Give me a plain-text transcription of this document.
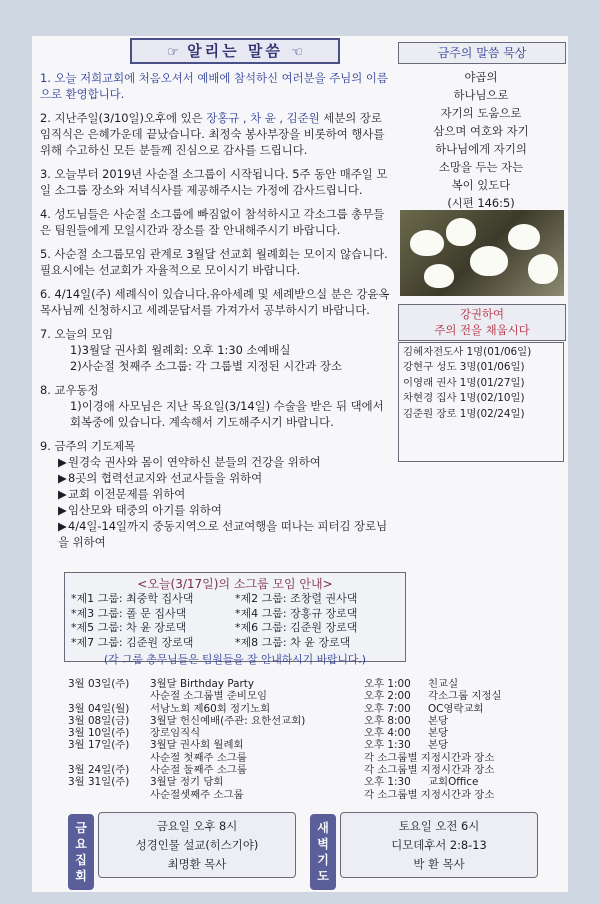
☞ 알리는 말씀 ☜
1. 오늘 저희교회에 처음오셔서 예배에 참석하신 여러분을 주님의 이름으로 환영합니다.
2. 지난주일(3/10일)오후에 있은 장홍규 , 차 윤 , 김준원 세분의 장로임직식은 은혜가운데 끝났습니다. 최정숙 봉사부장을 비롯하여 행사를 위해 수고하신 모든 분들께 진심으로 감사를 드립니다.
3. 오늘부터 2019년 사순절 소그룹이 시작됩니다. 5주 동안 매주일 모일 소그룹 장소와 저녁식사를 제공해주시는 가정에 감사드립니다.
4. 성도님들은 사순절 소그룹에 빠짐없이 참석하시고 각소그룹 총무들은 팀원들에게 모일시간과 장소를 잘 안내해주시기 바랍니다.
5. 사순절 소그룹모임 관계로 3월달 선교회 월례회는 모이지 않습니다. 필요시에는 선교회가 자율적으로 모이시기 바랍니다.
6. 4/14일(주) 세례식이 있습니다.유아세례 및 세례받으실 분은 강윤옥 목사님께 신청하시고 세례문답서를 가져가서 공부하시기 바랍니다.
7. 오늘의 모임
1)3월달 권사회 월례회: 오후 1:30 소예배실
2)사순절 첫째주 소그룹: 각 그룹별 지정된 시간과 장소
8. 교우동정
1)이경애 사모님은 지난 목요일(3/14일) 수술을 받은 뒤 댁에서 회복중에 있습니다. 계속해서 기도해주시기 바랍니다.
9. 금주의 기도제목
▶원경숙 권사와 몸이 연약하신 분들의 건강을 위하여
▶8곳의 협력선교지와 선교사들을 위하여
▶교회 이전문제를 위하여
▶임산모와 태중의 아기를 위하여
▶4/4일-14일까지 중동지역으로 선교여행을 떠나는 피터김 장로님을 위하여
금주의 말씀 묵상
야곱의
하나님으로
자기의 도움으로
삼으며 여호와 자기
하나님에게 자기의
소망을 두는 자는
복이 있도다
(시편 146:5)
강권하여
주의 전을 채웁시다
김혜자전도사 1명(01/06일)
강현구 성도 3명(01/06일)
이영래 권사 1명(01/27일)
차현경 집사 1명(02/10일)
김준원 장로 1명(02/24일)
<오늘(3/17일)의 소그룹 모임 안내>
*제1 그룹: 최중학 집사댁	*제2 그룹: 조창렬 권사댁
*제3 그룹: 폴 문 집사댁	*제4 그룹: 장홍규 장로댁
*제5 그룹: 차 윤 장로댁	*제6 그룹: 김준원 장로댁
*제7 그룹: 김준원 장로댁	*제8 그룹: 차 윤 장로댁
(각 그룹 총무님들은 팀원들을 잘 안내하시기 바랍니다.)
3월 03일(주)	3월달 Birthday Party	오후 1:00	친교실
사순절 소그룹별 준비모임	오후 2:00	각소그룹 지정실
3월 04일(월)	서남노회 제60회 정기노회	오후 7:00	OC영락교회
3월 08일(금)	3월달 헌신예배(주관: 요한선교회)	오후 8:00	본당
3월 10일(주)	장로임직식	오후 4:00	본당
3월 17일(주)	3월달 권사회 월례회	오후 1:30	본당
사순절 첫째주 소그룹	각 소그룹별 지정시간과 장소
3월 24일(주)	사순절 둘째주 소그룹	각 소그룹별 지정시간과 장소
3월 31일(주)	3월달 정기 당회	오후 1:30	교회Office
사순절셋째주 소그룹	각 소그룹별 지정시간과 장소
금요집회
금요일 오후 8시
성경인물 설교(히스기야)
최명환 목사
새벽기도
토요일 오전 6시
디모데후서 2:8-13
박 환 목사
